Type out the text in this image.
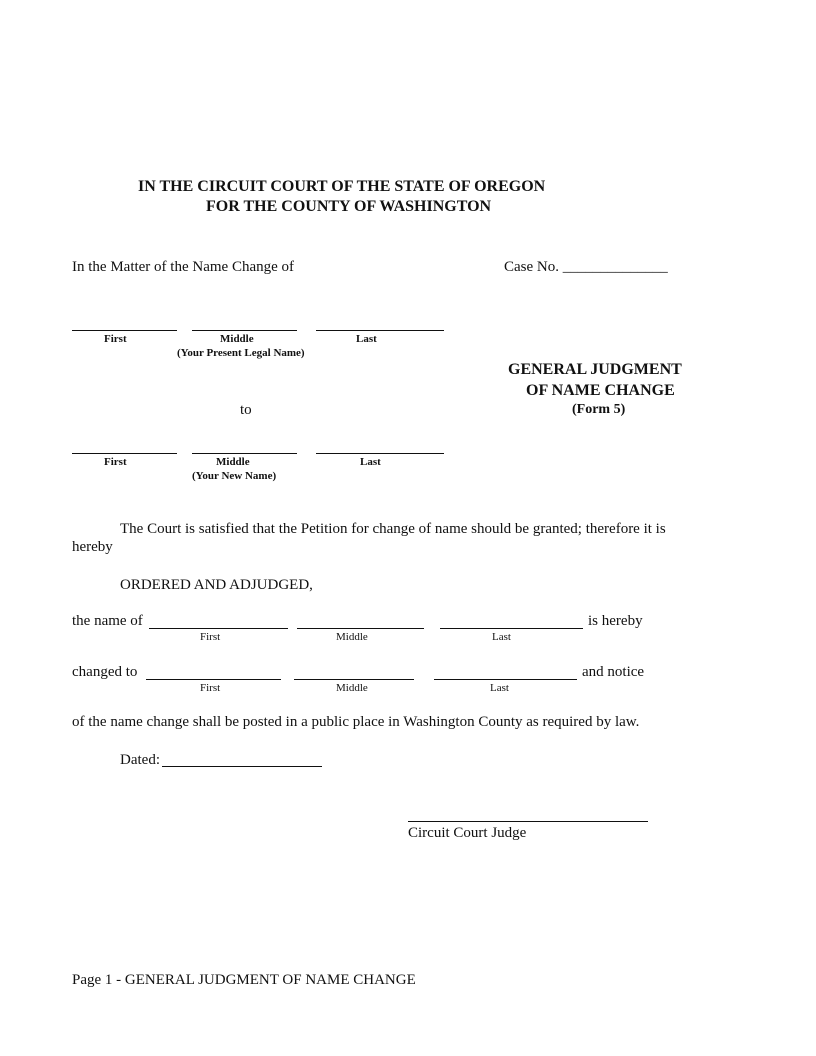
IN THE CIRCUIT COURT OF THE STATE OF OREGON
FOR THE COUNTY OF WASHINGTON
In the Matter of the Name Change of	Case No. ______________
First	Middle	Last
(Your Present Legal Name)
to
First	Middle	Last
(Your New Name)
GENERAL JUDGMENT
OF NAME CHANGE
(Form 5)
The Court is satisfied that the Petition for change of name should be granted; therefore it is
hereby
ORDERED AND ADJUDGED,
the name of	is hereby
First	Middle	Last
changed to	and notice
First	Middle	Last
of the name change shall be posted in a public place in Washington County as required by law.
Dated:
Circuit Court Judge
Page 1 - GENERAL JUDGMENT OF NAME CHANGE
